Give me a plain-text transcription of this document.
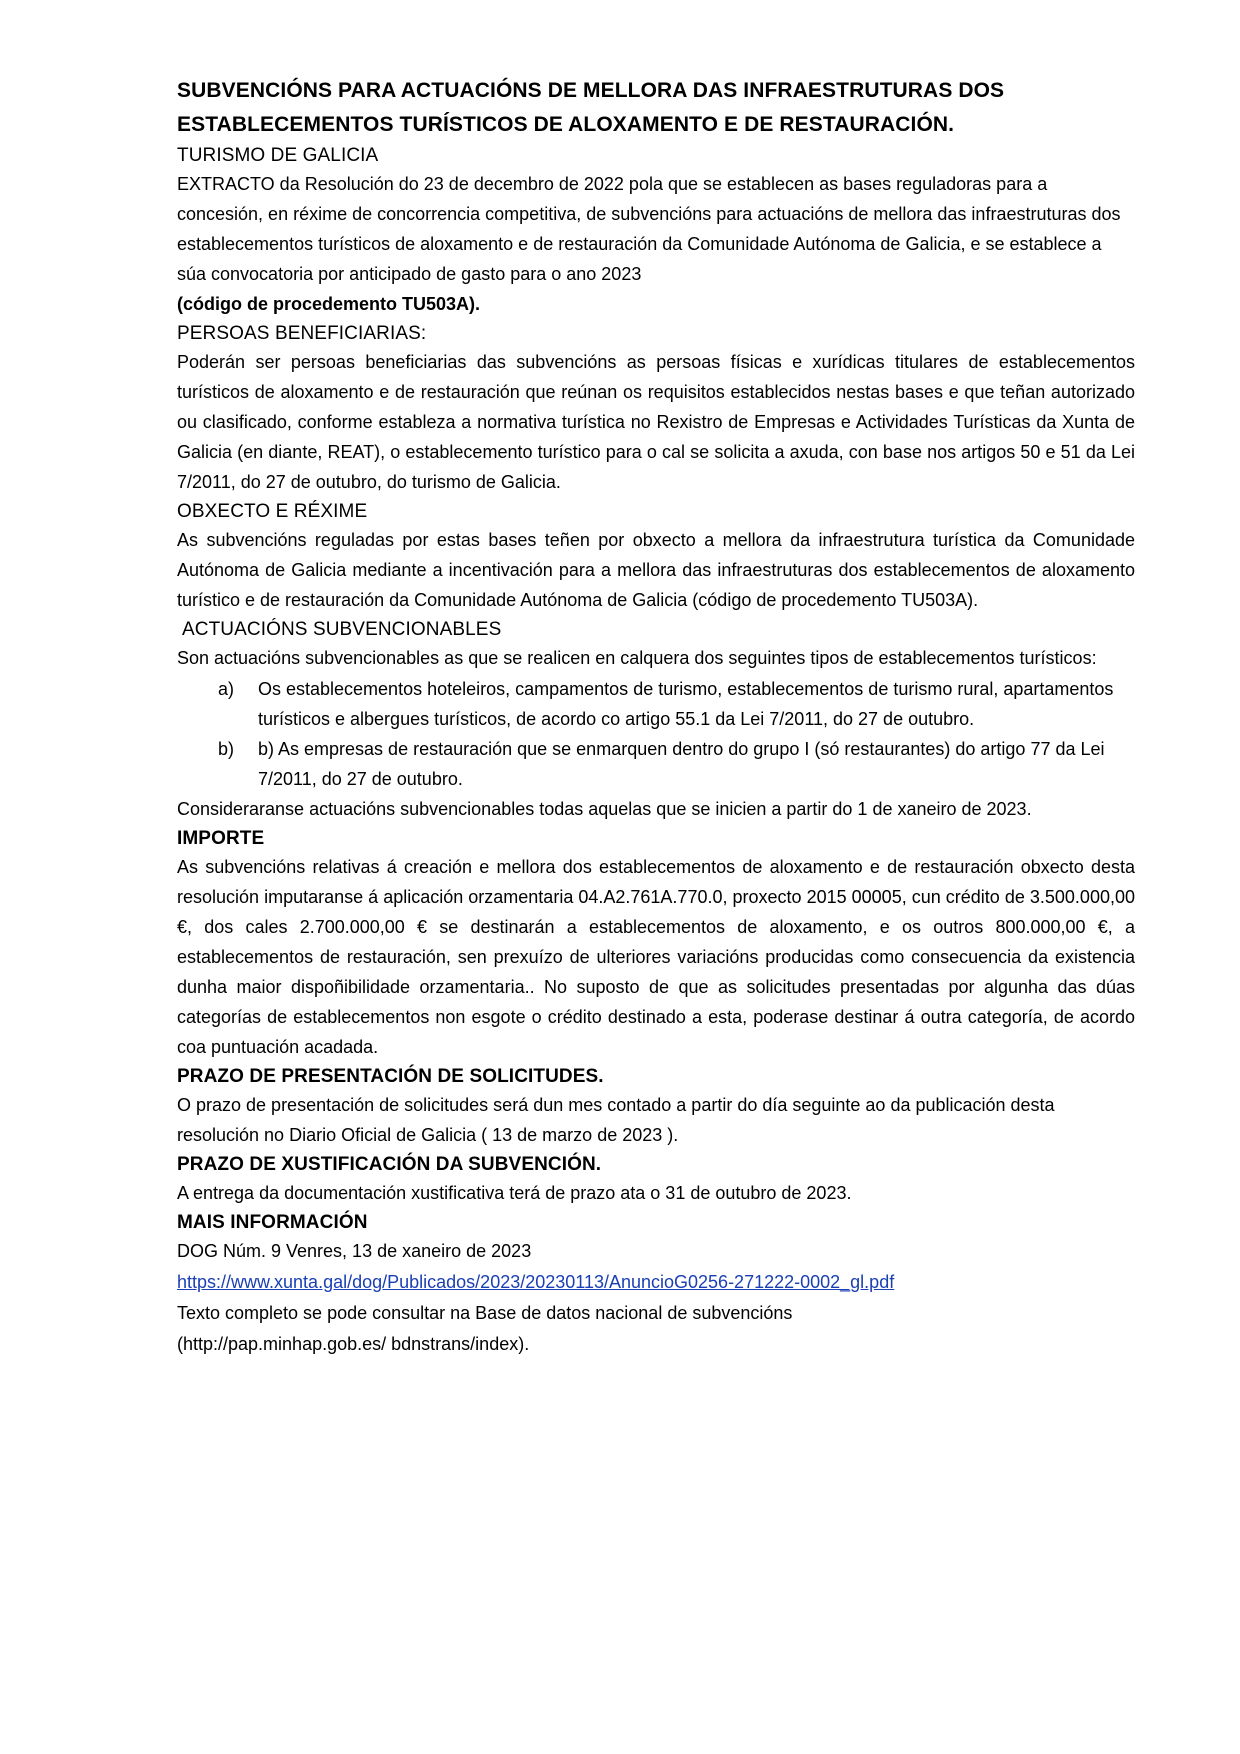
SUBVENCIÓNS PARA ACTUACIÓNS DE MELLORA DAS INFRAESTRUTURAS DOS

ESTABLECEMENTOS TURÍSTICOS DE ALOXAMENTO E DE RESTAURACIÓN.

TURISMO DE GALICIA

EXTRACTO da Resolución do 23 de decembro de 2022 pola que se establecen as bases reguladoras para a concesión, en réxime de concorrencia competitiva, de subvencións para actuacións de mellora das infraestruturas dos establecementos turísticos de aloxamento e de restauración da Comunidade Autónoma de Galicia, e se establece a súa convocatoria por anticipado de gasto para o ano 2023
(código de procedemento TU503A).

PERSOAS BENEFICIARIAS:

Poderán ser persoas beneficiarias das subvencións as persoas físicas e xurídicas titulares de establecementos turísticos de aloxamento e de restauración que reúnan os requisitos establecidos nestas bases e que teñan autorizado ou clasificado, conforme estableza a normativa turística no Rexistro de Empresas e Actividades Turísticas da Xunta de Galicia (en diante, REAT), o establecemento turístico para o cal se solicita a axuda, con base nos artigos 50 e 51 da Lei 7/2011, do 27 de outubro, do turismo de Galicia.

OBXECTO E RÉXIME

As subvencións reguladas por estas bases teñen por obxecto a mellora da infraestrutura turística da Comunidade Autónoma de Galicia mediante a incentivación para a mellora das infraestruturas dos establecementos de aloxamento turístico e de restauración da Comunidade Autónoma de Galicia (código de procedemento TU503A).

ACTUACIÓNS SUBVENCIONABLES

Son actuacións subvencionables as que se realicen en calquera dos seguintes tipos de establecementos turísticos:

a) Os establecementos hoteleiros, campamentos de turismo, establecementos de turismo rural, apartamentos turísticos e albergues turísticos, de acordo co artigo 55.1 da Lei 7/2011, do 27 de outubro.
b) b) As empresas de restauración que se enmarquen dentro do grupo I (só restaurantes) do artigo 77 da Lei 7/2011, do 27 de outubro.

Consideraranse actuacións subvencionables todas aquelas que se inicien a partir do 1 de xaneiro de 2023.

IMPORTE

As subvencións relativas á creación e mellora dos establecementos de aloxamento e de restauración obxecto desta resolución imputaranse á aplicación orzamentaria 04.A2.761A.770.0, proxecto 2015 00005, cun crédito de 3.500.000,00 €, dos cales 2.700.000,00 € se destinarán a establecementos de aloxamento, e os outros 800.000,00 €, a establecementos de restauración, sen prexuízo de ulteriores variacións producidas como consecuencia da existencia dunha maior dispoñibilidade orzamentaria.. No suposto de que as solicitudes presentadas por algunha das dúas categorías de establecementos non esgote o crédito destinado a esta, poderase destinar á outra categoría, de acordo coa puntuación acadada.

PRAZO DE PRESENTACIÓN DE SOLICITUDES.

O prazo de presentación de solicitudes será dun mes contado a partir do día seguinte ao da publicación desta resolución no Diario Oficial de Galicia ( 13 de marzo de 2023 ).

PRAZO DE XUSTIFICACIÓN DA SUBVENCIÓN.

A entrega da documentación xustificativa terá de prazo ata o 31 de outubro de 2023.

MAIS INFORMACIÓN

DOG Núm. 9 Venres, 13 de xaneiro de 2023

https://www.xunta.gal/dog/Publicados/2023/20230113/AnuncioG0256-271222-0002_gl.pdf

Texto completo se pode consultar na Base de datos nacional de subvencións

(http://pap.minhap.gob.es/ bdnstrans/index).
